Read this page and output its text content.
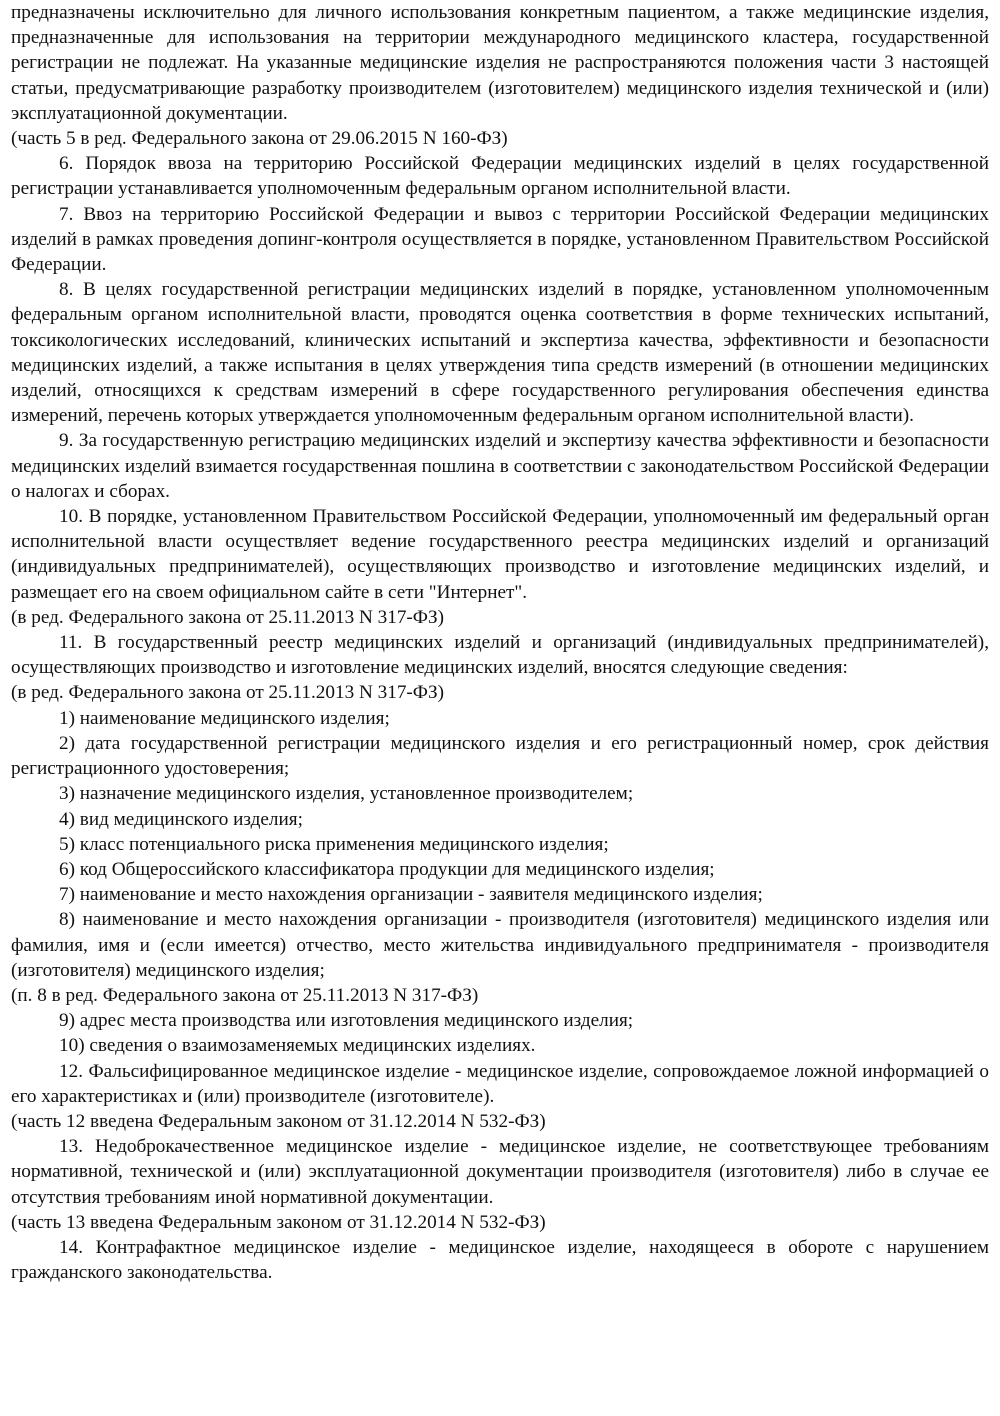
предназначены исключительно для личного использования конкретным пациентом, а также медицинские изделия, предназначенные для использования на территории международного медицинского кластера, государственной регистрации не подлежат. На указанные медицинские изделия не распространяются положения части 3 настоящей статьи, предусматривающие разработку производителем (изготовителем) медицинского изделия технической и (или) эксплуатационной документации.

(часть 5 в ред. Федерального закона от 29.06.2015 N 160-ФЗ)

6. Порядок ввоза на территорию Российской Федерации медицинских изделий в целях государственной регистрации устанавливается уполномоченным федеральным органом исполнительной власти.

7. Ввоз на территорию Российской Федерации и вывоз с территории Российской Федерации медицинских изделий в рамках проведения допинг-контроля осуществляется в порядке, установленном Правительством Российской Федерации.

8. В целях государственной регистрации медицинских изделий в порядке, установленном уполномоченным федеральным органом исполнительной власти, проводятся оценка соответствия в форме технических испытаний, токсикологических исследований, клинических испытаний и экспертиза качества, эффективности и безопасности медицинских изделий, а также испытания в целях утверждения типа средств измерений (в отношении медицинских изделий, относящихся к средствам измерений в сфере государственного регулирования обеспечения единства измерений, перечень которых утверждается уполномоченным федеральным органом исполнительной власти).

9. За государственную регистрацию медицинских изделий и экспертизу качества эффективности и безопасности медицинских изделий взимается государственная пошлина в соответствии с законодательством Российской Федерации о налогах и сборах.

10. В порядке, установленном Правительством Российской Федерации, уполномоченный им федеральный орган исполнительной власти осуществляет ведение государственного реестра медицинских изделий и организаций (индивидуальных предпринимателей), осуществляющих производство и изготовление медицинских изделий, и размещает его на своем официальном сайте в сети "Интернет".

(в ред. Федерального закона от 25.11.2013 N 317-ФЗ)

11. В государственный реестр медицинских изделий и организаций (индивидуальных предпринимателей), осуществляющих производство и изготовление медицинских изделий, вносятся следующие сведения:

(в ред. Федерального закона от 25.11.2013 N 317-ФЗ)

1) наименование медицинского изделия;

2) дата государственной регистрации медицинского изделия и его регистрационный номер, срок действия регистрационного удостоверения;

3) назначение медицинского изделия, установленное производителем;

4) вид медицинского изделия;

5) класс потенциального риска применения медицинского изделия;

6) код Общероссийского классификатора продукции для медицинского изделия;

7) наименование и место нахождения организации - заявителя медицинского изделия;

8) наименование и место нахождения организации - производителя (изготовителя) медицинского изделия или фамилия, имя и (если имеется) отчество, место жительства индивидуального предпринимателя - производителя (изготовителя) медицинского изделия;

(п. 8 в ред. Федерального закона от 25.11.2013 N 317-ФЗ)

9) адрес места производства или изготовления медицинского изделия;

10) сведения о взаимозаменяемых медицинских изделиях.

12. Фальсифицированное медицинское изделие - медицинское изделие, сопровождаемое ложной информацией о его характеристиках и (или) производителе (изготовителе).

(часть 12 введена Федеральным законом от 31.12.2014 N 532-ФЗ)

13. Недоброкачественное медицинское изделие - медицинское изделие, не соответствующее требованиям нормативной, технической и (или) эксплуатационной документации производителя (изготовителя) либо в случае ее отсутствия требованиям иной нормативной документации.

(часть 13 введена Федеральным законом от 31.12.2014 N 532-ФЗ)

14. Контрафактное медицинское изделие - медицинское изделие, находящееся в обороте с нарушением гражданского законодательства.
